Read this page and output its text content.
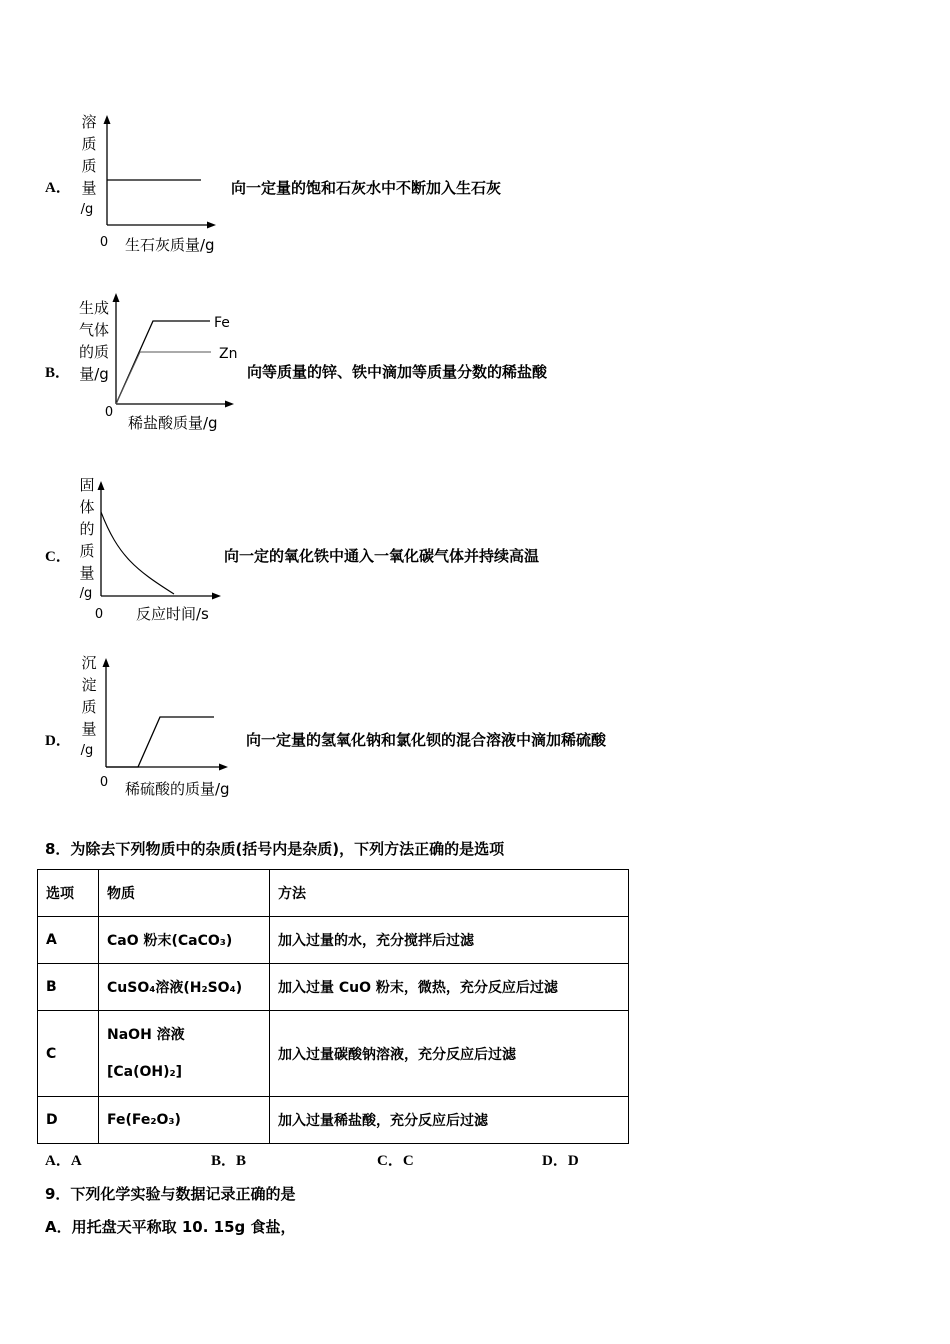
A．
溶
质
质
量
/g
0 生石灰质量/g
向一定量的饱和石灰水中不断加入生石灰
B．
生成
气体
的质
量/g
Fe
Zn
0
稀盐酸质量/g
向等质量的锌、铁中滴加等质量分数的稀盐酸
C．
固
体
的
质
量
/g
0 反应时间/s
向一定的氧化铁中通入一氧化碳气体并持续高温
D．
沉
淀
质
量
/g
0 稀硫酸的质量/g
向一定量的氢氧化钠和氯化钡的混合溶液中滴加稀硫酸
8．为除去下列物质中的杂质(括号内是杂质)，下列方法正确的是选项
选项	物质	方法
A	CaO 粉末(CaCO₃)	加入过量的水，充分搅拌后过滤
B	CuSO₄溶液(H₂SO₄)	加入过量 CuO 粉末，微热，充分反应后过滤
C	NaOH 溶液
[Ca(OH)₂]	加入过量碳酸钠溶液，充分反应后过滤
D	Fe(Fe₂O₃)	加入过量稀盐酸，充分反应后过滤
A．A	B．B	C．C	D．D
9．下列化学实验与数据记录正确的是
A．用托盘天平称取 10. 15g 食盐，
